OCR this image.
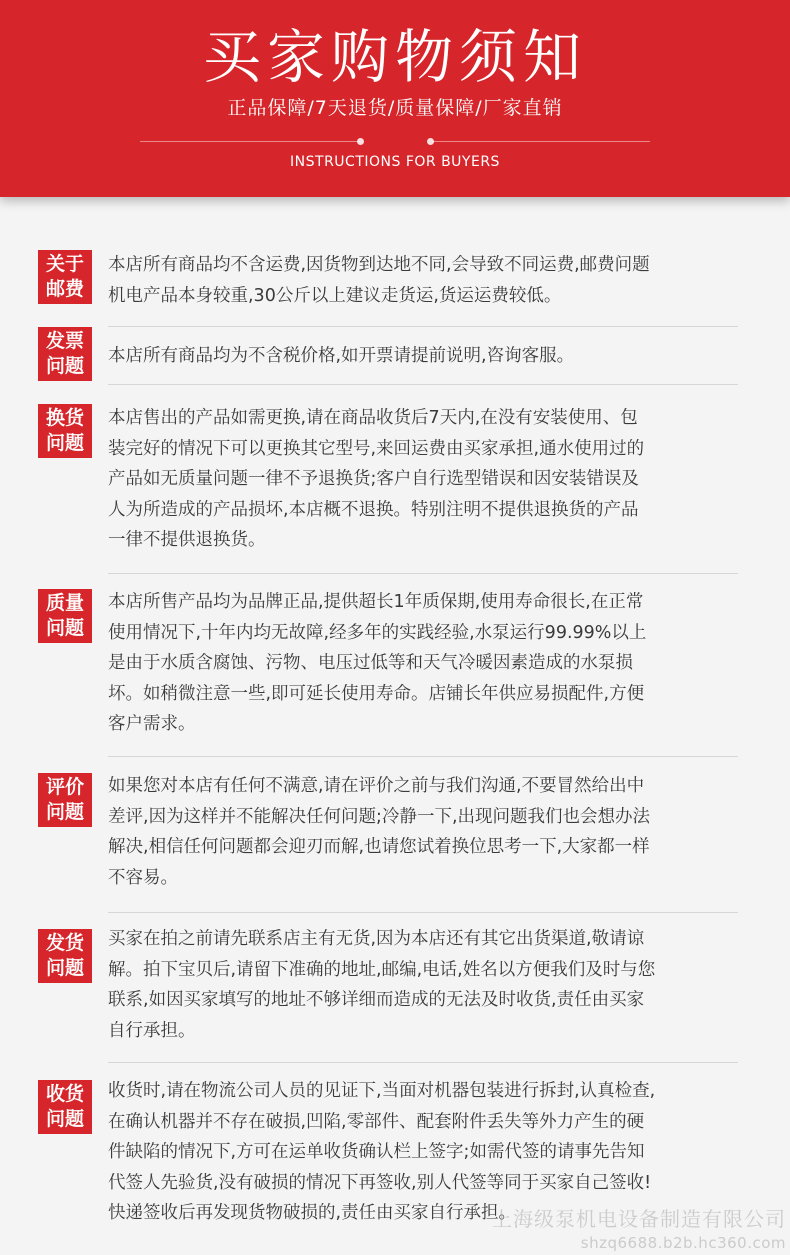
买家购物须知
正品保障/7天退货/质量保障/厂家直销
INSTRUCTIONS FOR BUYERS
关于
邮费
本店所有商品均不含运费,因货物到达地不同,会导致不同运费,邮费问题
机电产品本身较重,30公斤以上建议走货运,货运运费较低。
发票
问题	本店所有商品均为不含税价格,如开票请提前说明,咨询客服。
换货
问题
本店售出的产品如需更换,请在商品收货后7天内,在没有安装使用、包
装完好的情况下可以更换其它型号,来回运费由买家承担,通水使用过的
产品如无质量问题一律不予退换货;客户自行选型错误和因安装错误及
人为所造成的产品损坏,本店概不退换。特别注明不提供退换货的产品
一律不提供退换货。
质量
问题
本店所售产品均为品牌正品,提供超长1年质保期,使用寿命很长,在正常
使用情况下,十年内均无故障,经多年的实践经验,水泵运行99.99%以上
是由于水质含腐蚀、污物、电压过低等和天气冷暖因素造成的水泵损
坏。如稍微注意一些,即可延长使用寿命。店铺长年供应易损配件,方便
客户需求。
评价
问题
如果您对本店有任何不满意,请在评价之前与我们沟通,不要冒然给出中
差评,因为这样并不能解决任何问题;冷静一下,出现问题我们也会想办法
解决,相信任何问题都会迎刃而解,也请您试着换位思考一下,大家都一样
不容易。
发货
问题
买家在拍之前请先联系店主有无货,因为本店还有其它出货渠道,敬请谅
解。拍下宝贝后,请留下准确的地址,邮编,电话,姓名以方便我们及时与您
联系,如因买家填写的地址不够详细而造成的无法及时收货,责任由买家
自行承担。
收货
问题
收货时,请在物流公司人员的见证下,当面对机器包装进行拆封,认真检查,
在确认机器并不存在破损,凹陷,零部件、配套附件丢失等外力产生的硬
件缺陷的情况下,方可在运单收货确认栏上签字;如需代签的请事先告知
代签人先验货,没有破损的情况下再签收,别人代签等同于买家自己签收!
快递签收后再发现货物破损的,责任由买家自行承担。
上海级泵机电设备制造有限公司
shzq6688.b2b.hc360.com
